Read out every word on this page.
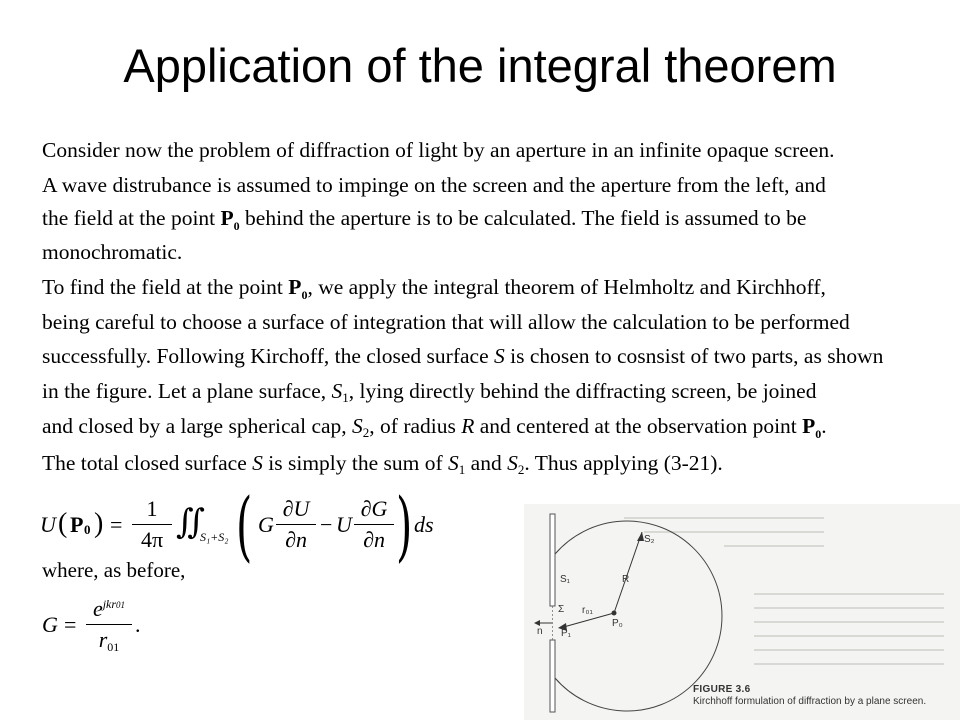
Application of the integral theorem
Consider now the problem of diffraction of light by an aperture in an infinite opaque screen.
A wave distrubance is assumed to impinge on the screen and the aperture from the left, and
the field at the point $P_0$ behind the aperture is to be calculated. The field is assumed to be
monochromatic.
To find the field at the point $P_0$, we apply the integral theorem of Helmholtz and Kirchhoff,
being careful to choose a surface of integration that will allow the calculation to be performed
successfully. Following Kirchoff, the closed surface S is chosen to cosnsist of two parts, as shown
in the figure. Let a plane surface, $S_1$, lying directly behind the diffracting screen, be joined
and closed by a large spherical cap, $S_2$, of radius R and centered at the observation point $P_0$.
The total closed surface S is simply the sum of $S_1$ and $S_2$. Thus applying (3-21).
U ( P 0 ) = $\frac{1}{4\pi}$ ∬
S₁+S₂ ( G $\frac{\partial U}{\partial n} - U \frac{\partial G}{\partial n}$ ) ds
where, as before,
G =
$e^{jkr01}$
$r_{01}$
.
S₂
S₁	R
Σ r₀₁
P₀
P₁
n
FIGURE 3.6
Kirchhoff formulation of diffraction by a plane screen.
